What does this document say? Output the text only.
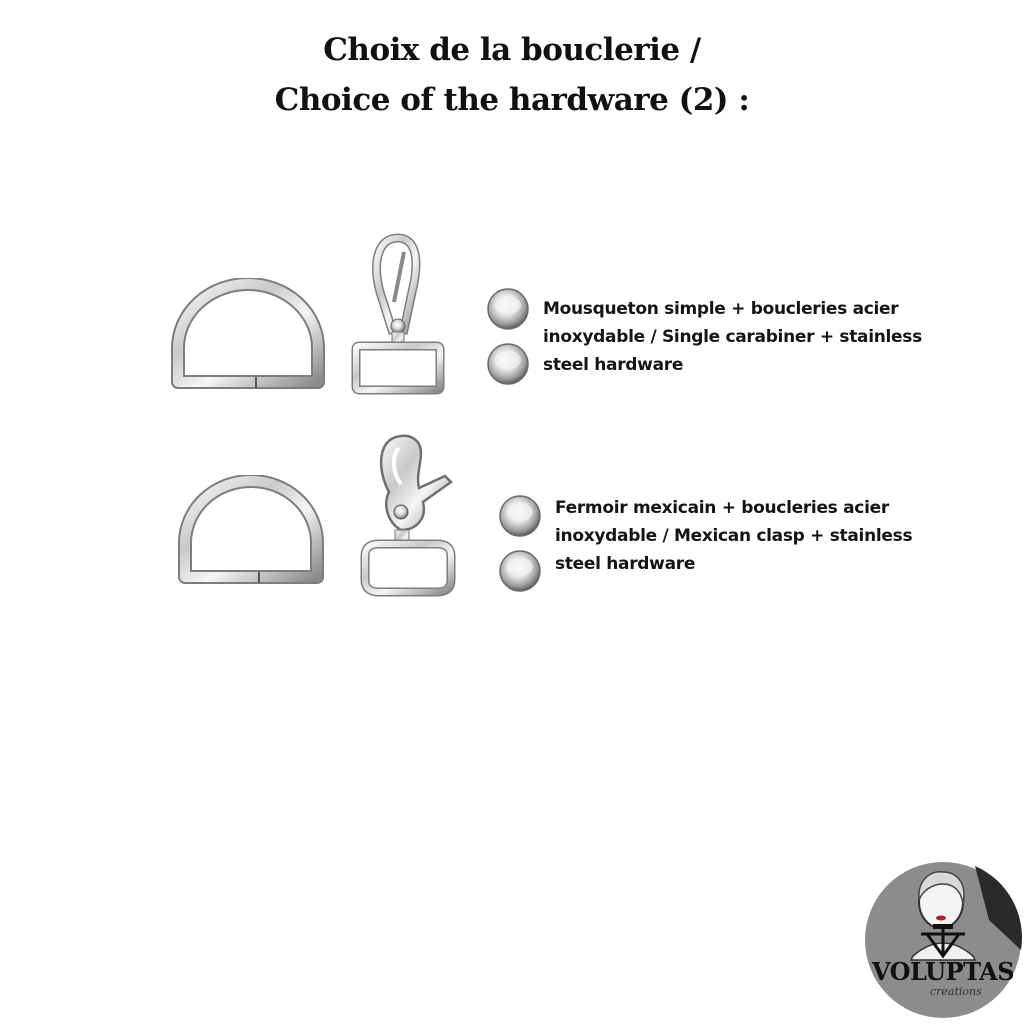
Choix de la bouclerie /
Choice of the hardware (2) :
Mousqueton simple + boucleries acier
inoxydable / Single carabiner + stainless
steel hardware
Fermoir mexicain + boucleries acier
inoxydable / Mexican clasp + stainless
steel hardware
VOLUPTAS
creations
